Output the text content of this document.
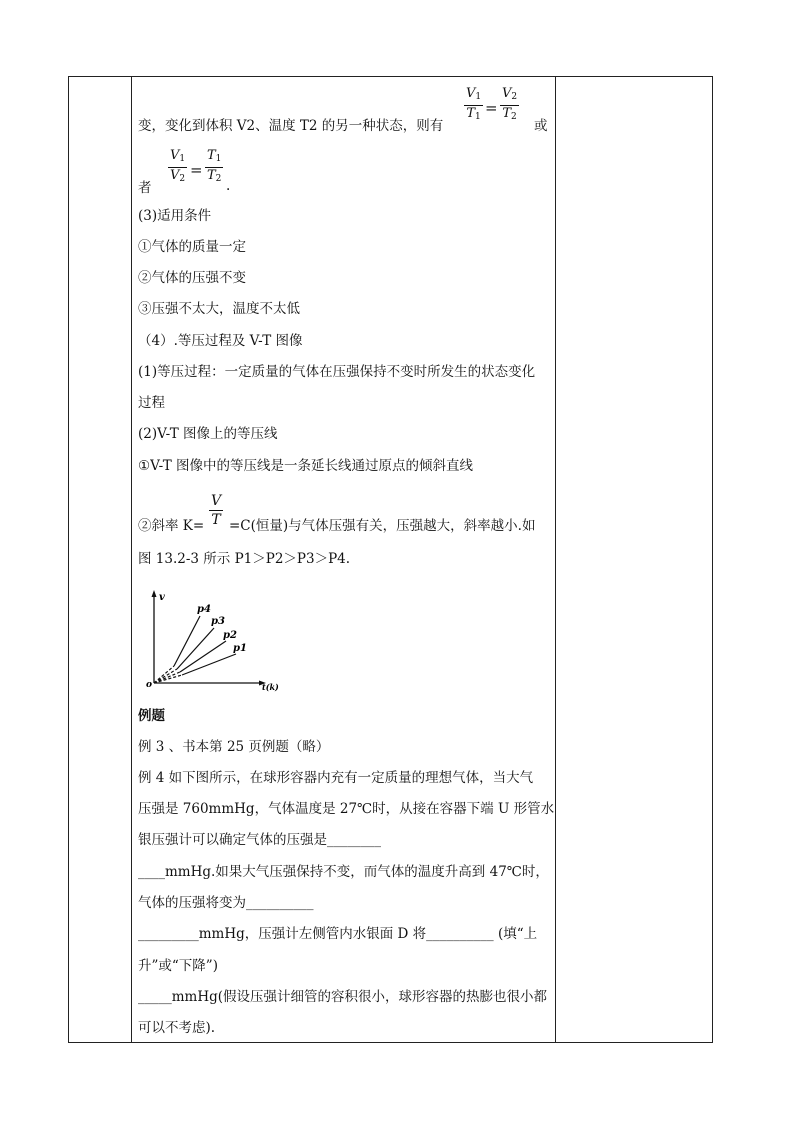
变，变化到体积 V2、温度 T2 的另一种状态，则有
$\frac{V_1}{T_1} = \frac{V_2}{T_2}$
或
者
$\frac{V_1}{V_2} = \frac{T_1}{T_2}$ .
(3)适用条件
①气体的质量一定
②气体的压强不变
③压强不太大，温度不太低
（4）.等压过程及 V-T 图像
(1)等压过程：一定质量的气体在压强保持不变时所发生的状态变化
过程
(2)V-T 图像上的等压线
①V-T 图像中的等压线是一条延长线通过原点的倾斜直线
②斜率 $K= \frac{V}{T} =C$(恒量)与气体压强有关，压强越大，斜率越小.如
图 13.2-3 所示 P1＞P2＞P3＞P4.
v
t(k)
o
p4
p3
p2
p1
例题
例 3 、书本第 25 页例题（略）
例 4 如下图所示，在球形容器内充有一定质量的理想气体，当大气
压强是 760mmHg，气体温度是 27℃时，从接在容器下端 U 形管水
银压强计可以确定气体的压强是________
____mmHg.如果大气压强保持不变，而气体的温度升高到 47℃时，
气体的压强将变为__________
_________mmHg，压强计左侧管内水银面 D 将__________ (填“上
升”或“下降”)
_____mmHg(假设压强计细管的容积很小，球形容器的热膨也很小都
可以不考虑).
